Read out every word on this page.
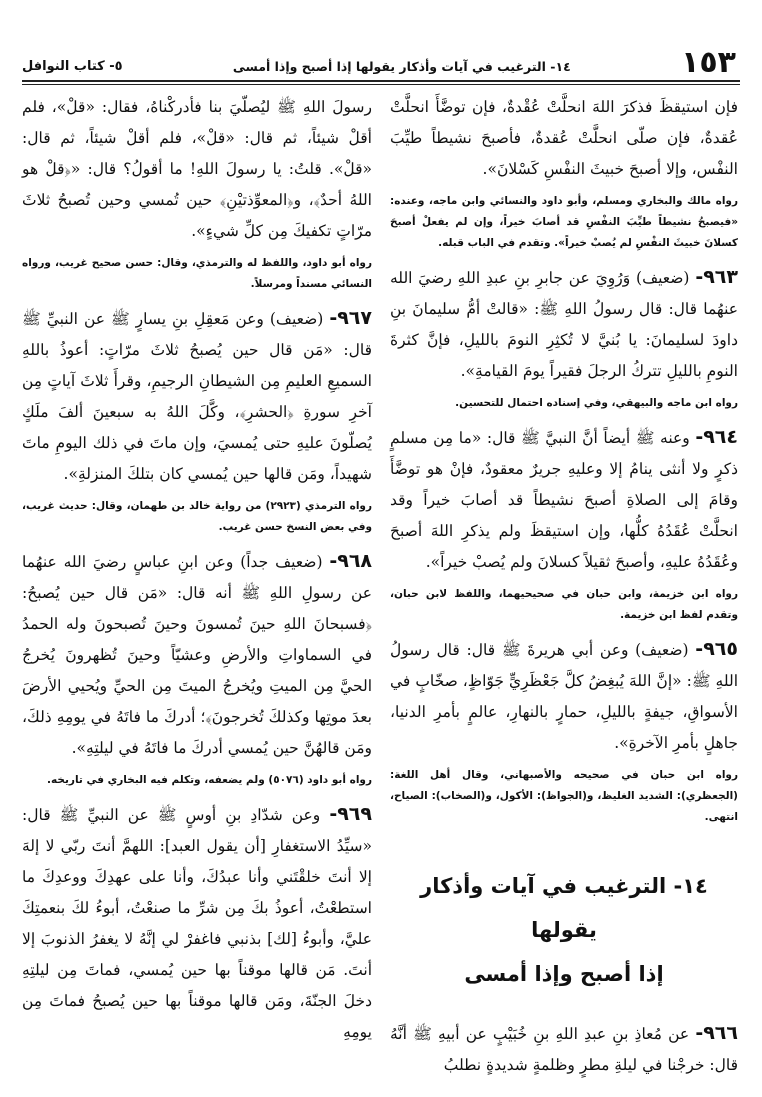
١٥٣
١٤- الترغيب في آيات وأذكار يقولها إذا أصبح وإذا أمسى
٥- كتاب النوافل

فإن استيقظَ فذكرَ اللهَ انحلَّتْ عُقْدةٌ، فإن توضَّأَ انحلَّتْ عُقدةٌ، فإن صلّى انحلَّتْ عُقدةٌ، فأصبحَ نشيطاً طيِّبَ النفْس، وإلا أصبحَ خبيثَ النفْسِ كَسْلانَ».

رواه مالك والبخاري ومسلم، وأبو داود والنسائي وابن ماجه، وعنده: «فيصبحُ نشيطاً طيِّبَ النفْسِ قد أصابَ خيراً، وإن لم يفعلْ أصبحَ كسلانَ خبيثَ النفْسِ لم يُصبْ خيراً». وتقدم في الباب قبله.

٩٦٣- (ضعيف) وَرُوِيَ عن جابرِ بنِ عبدِ اللهِ رضيَ الله عنهُما قال: قال رسولُ اللهِ ﷺ: «قالتْ أمُّ سليمانَ بنِ داودَ لسليمانَ: يا بُنيَّ لا تُكثِرِ النومَ بالليلِ، فإنَّ كثرةَ النومِ بالليلِ تتركُ الرجلَ فقيراً يومَ القيامةِ».

رواه ابن ماجه والبيهقي، وفي إسناده احتمال للتحسين.

٩٦٤- وعنه ﷺ أيضاً أنَّ النبيَّ ﷺ قال: «ما مِن مسلمٍ ذكرٍ ولا أنثى ينامُ إلا وعليهِ جريرٌ معقودٌ، فإنْ هو توضَّأَ وقامَ إلى الصلاةِ أصبحَ نشيطاً قد أصابَ خيراً وقد انحلَّتْ عُقَدُهُ كلُّها، وإن استيقظَ ولم يذكرِ اللهَ أصبحَ وعُقَدُهُ عليهِ، وأصبحَ ثقيلاً كسلانَ ولم يُصبْ خيراً».

رواه ابن خزيمة، وابن حبان في صحيحيهما، واللفظ لابن حبان، وتقدم لفظ ابن خزيمة.

٩٦٥- (ضعيف) وعن أبي هريرةَ ﷺ قال: قال رسولُ اللهِ ﷺ: «إنَّ اللهَ يُبغِضُ كلَّ جَعْظَرِيٍّ جَوّاظٍ، صخّابٍ في الأسواقِ، جيفةٍ بالليلِ، حمارٍ بالنهارِ، عالمٍ بأمرِ الدنيا، جاهلٍ بأمرِ الآخرةِ».

رواه ابن حبان في صحيحه والأصبهاني، وقال أهل اللغة: (الجعظري): الشديد الغليظ، و(الجواظ): الأكول، و(الصخاب): الصياح، انتهى.

١٤- الترغيب في آيات وأذكار يقولها
إذا أصبح وإذا أمسى

٩٦٦- عن مُعاذِ بنِ عبدِ اللهِ بنِ خُبَيْبٍ عن أبيهِ ﷺ أنَّهُ قال: خرجْنا في ليلةِ مطرٍ وظلمةٍ شديدةٍ نطلبُ

رسولَ اللهِ ﷺ ليُصلّيَ بنا فأدركْناهُ، فقال: «قلْ»، فلم أقلْ شيئاً، ثم قال: «قلْ»، فلم أقلْ شيئاً، ثم قال: «قلْ». قلتُ: يا رسولَ اللهِ! ما أقولُ؟ قال: «﴿قلْ هو اللهُ أحدٌ﴾، و﴿المعوِّذتيْنِ﴾ حين تُمسي وحين تُصبحُ ثلاثَ مرّاتٍ تكفيكَ مِن كلِّ شيءٍ».

رواه أبو داود، واللفظ له والترمذي، وقال: حسن صحيح غريب، ورواه النسائي مسنداً ومرسلاً.

٩٦٧- (ضعيف) وعن مَعقِلِ بنِ يسارٍ ﷺ عن النبيِّ ﷺ قال: «مَن قال حين يُصبحُ ثلاثَ مرّاتٍ: أعوذُ باللهِ السميعِ العليمِ مِن الشيطانِ الرجيمِ، وقرأَ ثلاثَ آياتٍ مِن آخرِ سورةِ ﴿الحشرِ﴾، وكَّلَ اللهُ به سبعينَ ألفَ ملَكٍ يُصلّونَ عليهِ حتى يُمسيَ، وإن ماتَ في ذلك اليومِ ماتَ شهيداً، ومَن قالها حين يُمسي كان بتلكَ المنزلةِ».

رواه الترمذي (٢٩٢٣) من رواية خالد بن طهمان، وقال: حديث غريب، وفي بعض النسخ حسن غريب.

٩٦٨- (ضعيف جداً) وعن ابنِ عباسٍ رضيَ الله عنهُما عن رسولِ اللهِ ﷺ أنه قال: «مَن قال حين يُصبحُ: ﴿فسبحانَ اللهِ حينَ تُمسونَ وحينَ تُصبحونَ وله الحمدُ في السماواتِ والأرضِ وعشيّاً وحينَ تُظهرونَ يُخرجُ الحيَّ مِن الميتِ ويُخرجُ الميتَ مِن الحيِّ ويُحيي الأرضَ بعدَ موتِها وكذلكَ تُخرجونَ﴾؛ أدركَ ما فاتَهُ في يومِهِ ذلكَ، ومَن قالهُنَّ حين يُمسي أدركَ ما فاتَهُ في ليلتِهِ».

رواه أبو داود (٥٠٧٦) ولم يضعفه، وتكلم فيه البخاري في تاريخه.

٩٦٩- وعن شدّادِ بنِ أوسٍ ﷺ عن النبيِّ ﷺ قال: «سيِّدُ الاستغفارِ [أن يقول العبد]: اللهمَّ أنتَ ربّي لا إلهَ إلا أنتَ خلقْتَني وأنا عبدُكَ، وأنا على عهدِكَ ووعدِكَ ما استطعْتُ، أعوذُ بكَ مِن شرِّ ما صنعْتُ، أبوءُ لكَ بنعمتِكَ عليَّ، وأبوءُ [لك] بذنبي فاغفرْ لي إنَّهُ لا يغفرُ الذنوبَ إلا أنتَ. مَن قالها موقناً بها حين يُمسي، فماتَ مِن ليلتِهِ دخلَ الجنّةَ، ومَن قالها موقناً بها حين يُصبحُ فماتَ مِن يومِهِ
